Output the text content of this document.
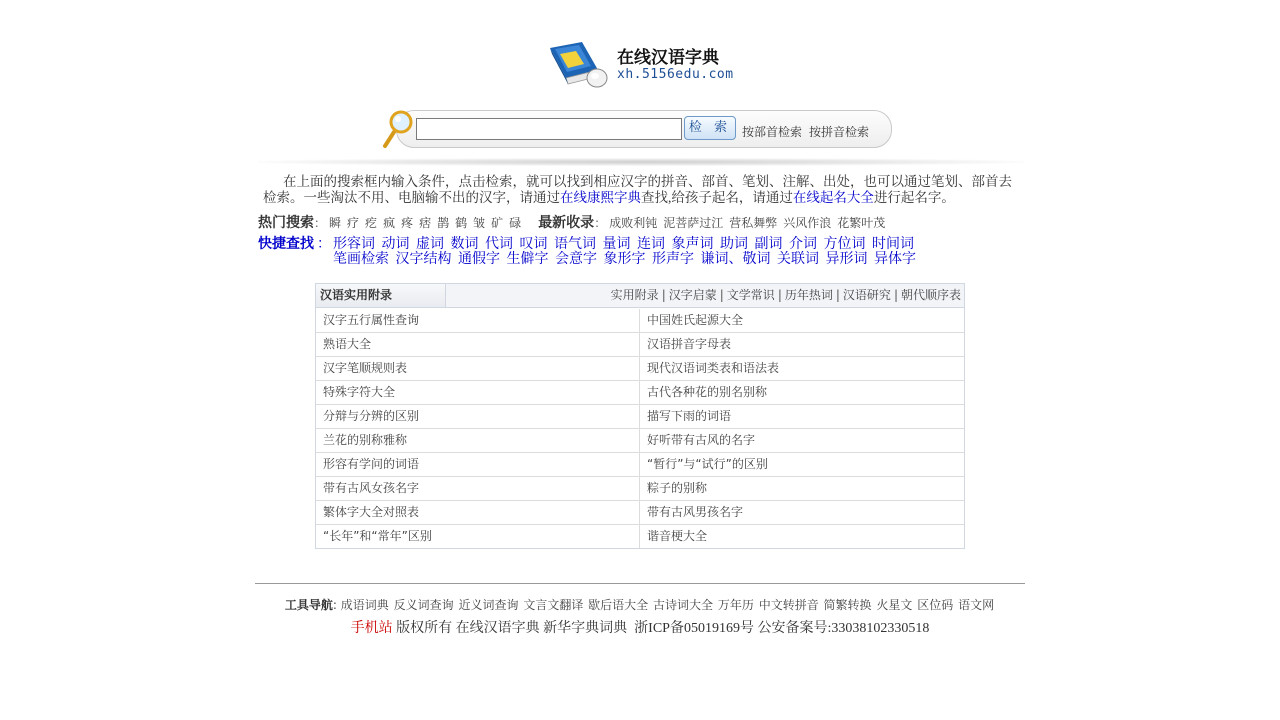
在线汉语字典
xh.5156edu.com
检 索 按部首检索 按拼音检索
在上面的搜索框内输入条件，点击检索，就可以找到相应汉字的拼音、部首、笔划、注解、出处，也可以通过笔划、部首去检索。一些淘汰不用、电脑输不出的汉字，请通过在线康熙字典查找,给孩子起名，请通过在线起名大全进行起名字。
热门搜索： 瞬 疗 疙 疯 疼 痞 鹊 鹤 皱 矿 碌 最新收录： 成败利钝 泥菩萨过江 营私舞弊 兴风作浪 花繁叶茂
快捷查找 ： 形容词 动词 虚词 数词 代词 叹词 语气词 量词 连词 象声词 助词 副词 介词 方位词 时间词
笔画检索 汉字结构 通假字 生僻字 会意字 象形字 形声字 谦词、敬词 关联词 异形词 异体字
汉语实用附录	实用附录 | 汉字启蒙 | 文学常识 | 历年热词 | 汉语研究 | 朝代顺序表
汉字五行属性查询	中国姓氏起源大全
熟语大全	汉语拼音字母表
汉字笔顺规则表	现代汉语词类表和语法表
特殊字符大全	古代各种花的别名别称
分辩与分辨的区别	描写下雨的词语
兰花的别称雅称	好听带有古风的名字
形容有学问的词语	“暂行”与“试行”的区别
带有古风女孩名字	粽子的别称
繁体字大全对照表	带有古风男孩名字
“长年”和“常年”区别	谐音梗大全
工具导航: 成语词典 反义词查询 近义词查询 文言文翻译 歇后语大全 古诗词大全 万年历 中文转拼音 简繁转换 火星文 区位码 语文网
手机站 版权所有 在线汉语字典 新华字典词典 浙ICP备05019169号 公安备案号:33038102330518
